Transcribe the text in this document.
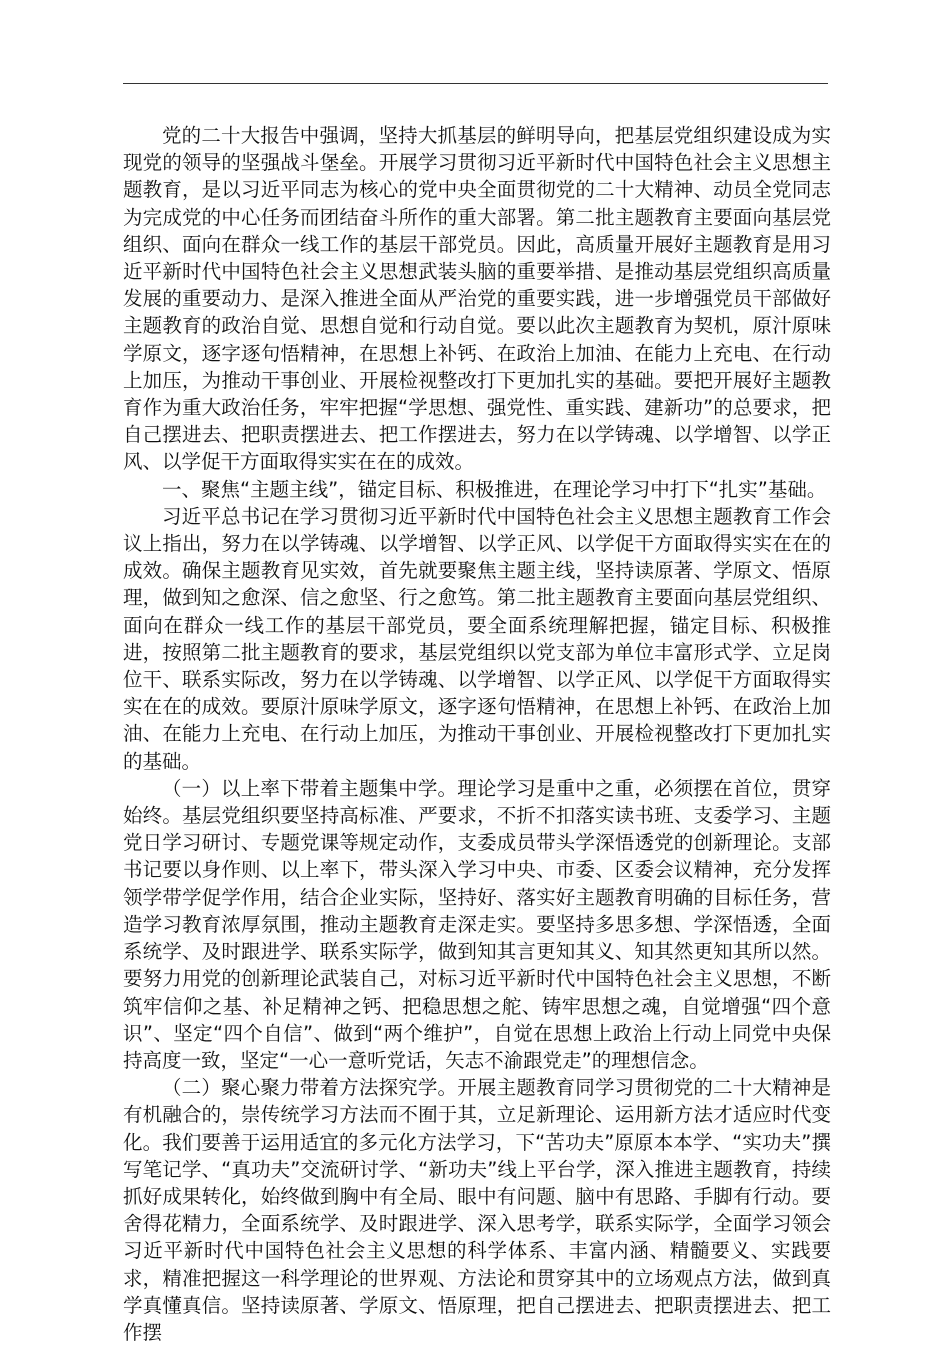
党的二十大报告中强调，坚持大抓基层的鲜明导向，把基层党组织建设成为实现党的领导的坚强战斗堡垒。开展学习贯彻习近平新时代中国特色社会主义思想主题教育，是以习近平同志为核心的党中央全面贯彻党的二十大精神、动员全党同志为完成党的中心任务而团结奋斗所作的重大部署。第二批主题教育主要面向基层党组织、面向在群众一线工作的基层干部党员。因此，高质量开展好主题教育是用习近平新时代中国特色社会主义思想武装头脑的重要举措、是推动基层党组织高质量发展的重要动力、是深入推进全面从严治党的重要实践，进一步增强党员干部做好主题教育的政治自觉、思想自觉和行动自觉。要以此次主题教育为契机，原汁原味学原文，逐字逐句悟精神，在思想上补钙、在政治上加油、在能力上充电、在行动上加压，为推动干事创业、开展检视整改打下更加扎实的基础。要把开展好主题教育作为重大政治任务，牢牢把握“学思想、强党性、重实践、建新功”的总要求，把自己摆进去、把职责摆进去、把工作摆进去，努力在以学铸魂、以学增智、以学正风、以学促干方面取得实实在在的成效。

一、聚焦“主题主线”，锚定目标、积极推进，在理论学习中打下“扎实”基础。

习近平总书记在学习贯彻习近平新时代中国特色社会主义思想主题教育工作会议上指出，努力在以学铸魂、以学增智、以学正风、以学促干方面取得实实在在的成效。确保主题教育见实效，首先就要聚焦主题主线，坚持读原著、学原文、悟原理，做到知之愈深、信之愈坚、行之愈笃。第二批主题教育主要面向基层党组织、面向在群众一线工作的基层干部党员，要全面系统理解把握，锚定目标、积极推进，按照第二批主题教育的要求，基层党组织以党支部为单位丰富形式学、立足岗位干、联系实际改，努力在以学铸魂、以学增智、以学正风、以学促干方面取得实实在在的成效。要原汁原味学原文，逐字逐句悟精神，在思想上补钙、在政治上加油、在能力上充电、在行动上加压，为推动干事创业、开展检视整改打下更加扎实的基础。

（一）以上率下带着主题集中学。理论学习是重中之重，必须摆在首位，贯穿始终。基层党组织要坚持高标准、严要求，不折不扣落实读书班、支委学习、主题党日学习研讨、专题党课等规定动作，支委成员带头学深悟透党的创新理论。支部书记要以身作则、以上率下，带头深入学习中央、市委、区委会议精神，充分发挥领学带学促学作用，结合企业实际，坚持好、落实好主题教育明确的目标任务，营造学习教育浓厚氛围，推动主题教育走深走实。要坚持多思多想、学深悟透，全面系统学、及时跟进学、联系实际学，做到知其言更知其义、知其然更知其所以然。要努力用党的创新理论武装自己，对标习近平新时代中国特色社会主义思想，不断筑牢信仰之基、补足精神之钙、把稳思想之舵、铸牢思想之魂，自觉增强“四个意识”、坚定“四个自信”、做到“两个维护”，自觉在思想上政治上行动上同党中央保持高度一致，坚定“一心一意听党话，矢志不渝跟党走”的理想信念。

（二）聚心聚力带着方法探究学。开展主题教育同学习贯彻党的二十大精神是有机融合的，崇传统学习方法而不囿于其，立足新理论、运用新方法才适应时代变化。我们要善于运用适宜的多元化方法学习，下“苦功夫”原原本本学、“实功夫”撰写笔记学、“真功夫”交流研讨学、“新功夫”线上平台学，深入推进主题教育，持续抓好成果转化，始终做到胸中有全局、眼中有问题、脑中有思路、手脚有行动。要舍得花精力，全面系统学、及时跟进学、深入思考学，联系实际学，全面学习领会习近平新时代中国特色社会主义思想的科学体系、丰富内涵、精髓要义、实践要求，精准把握这一科学理论的世界观、方法论和贯穿其中的立场观点方法，做到真学真懂真信。坚持读原著、学原文、悟原理，把自己摆进去、把职责摆进去、把工作摆
